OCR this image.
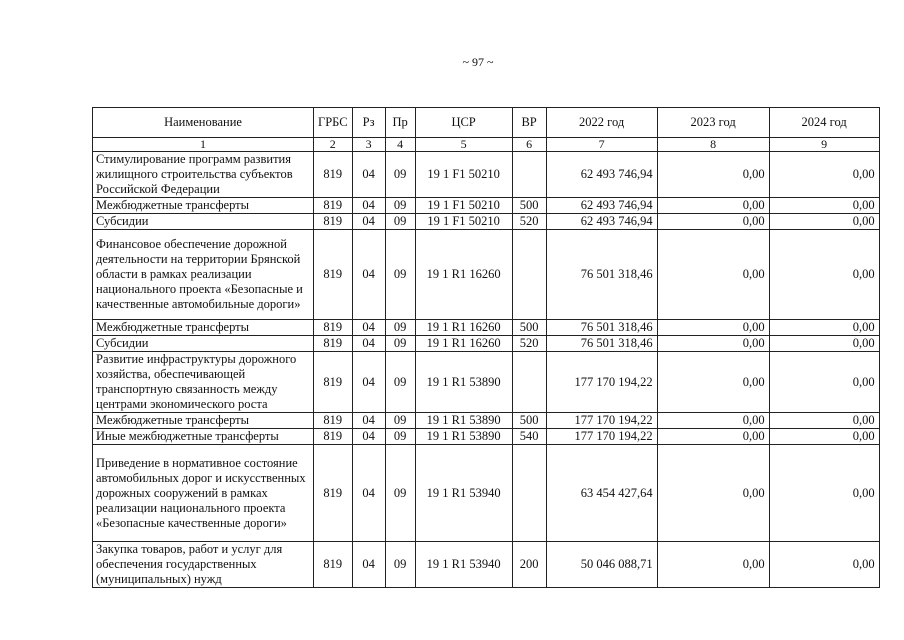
~ 97 ~
Наименование	ГРБС	Рз	Пр	ЦСР	ВР	2022 год	2023 год	2024 год
1	2	3	4	5	6	7	8	9
Стимулирование программ развития жилищного строительства субъектов Российской Федерации	819	04	09	19 1 F1 50210		62 493 746,94	0,00	0,00
Межбюджетные трансферты	819	04	09	19 1 F1 50210	500	62 493 746,94	0,00	0,00
Субсидии	819	04	09	19 1 F1 50210	520	62 493 746,94	0,00	0,00
Финансовое обеспечение дорожной деятельности на территории Брянской области в рамках реализации национального проекта «Безопасные и качественные автомобильные дороги»	819	04	09	19 1 R1 16260		76 501 318,46	0,00	0,00
Межбюджетные трансферты	819	04	09	19 1 R1 16260	500	76 501 318,46	0,00	0,00
Субсидии	819	04	09	19 1 R1 16260	520	76 501 318,46	0,00	0,00
Развитие инфраструктуры дорожного хозяйства, обеспечивающей транспортную связанность между центрами экономического роста	819	04	09	19 1 R1 53890		177 170 194,22	0,00	0,00
Межбюджетные трансферты	819	04	09	19 1 R1 53890	500	177 170 194,22	0,00	0,00
Иные межбюджетные трансферты	819	04	09	19 1 R1 53890	540	177 170 194,22	0,00	0,00
Приведение в нормативное состояние автомобильных дорог и искусственных дорожных сооружений в рамках реализации национального проекта «Безопасные качественные дороги»	819	04	09	19 1 R1 53940		63 454 427,64	0,00	0,00
Закупка товаров, работ и услуг для обеспечения государственных (муниципальных) нужд	819	04	09	19 1 R1 53940	200	50 046 088,71	0,00	0,00
